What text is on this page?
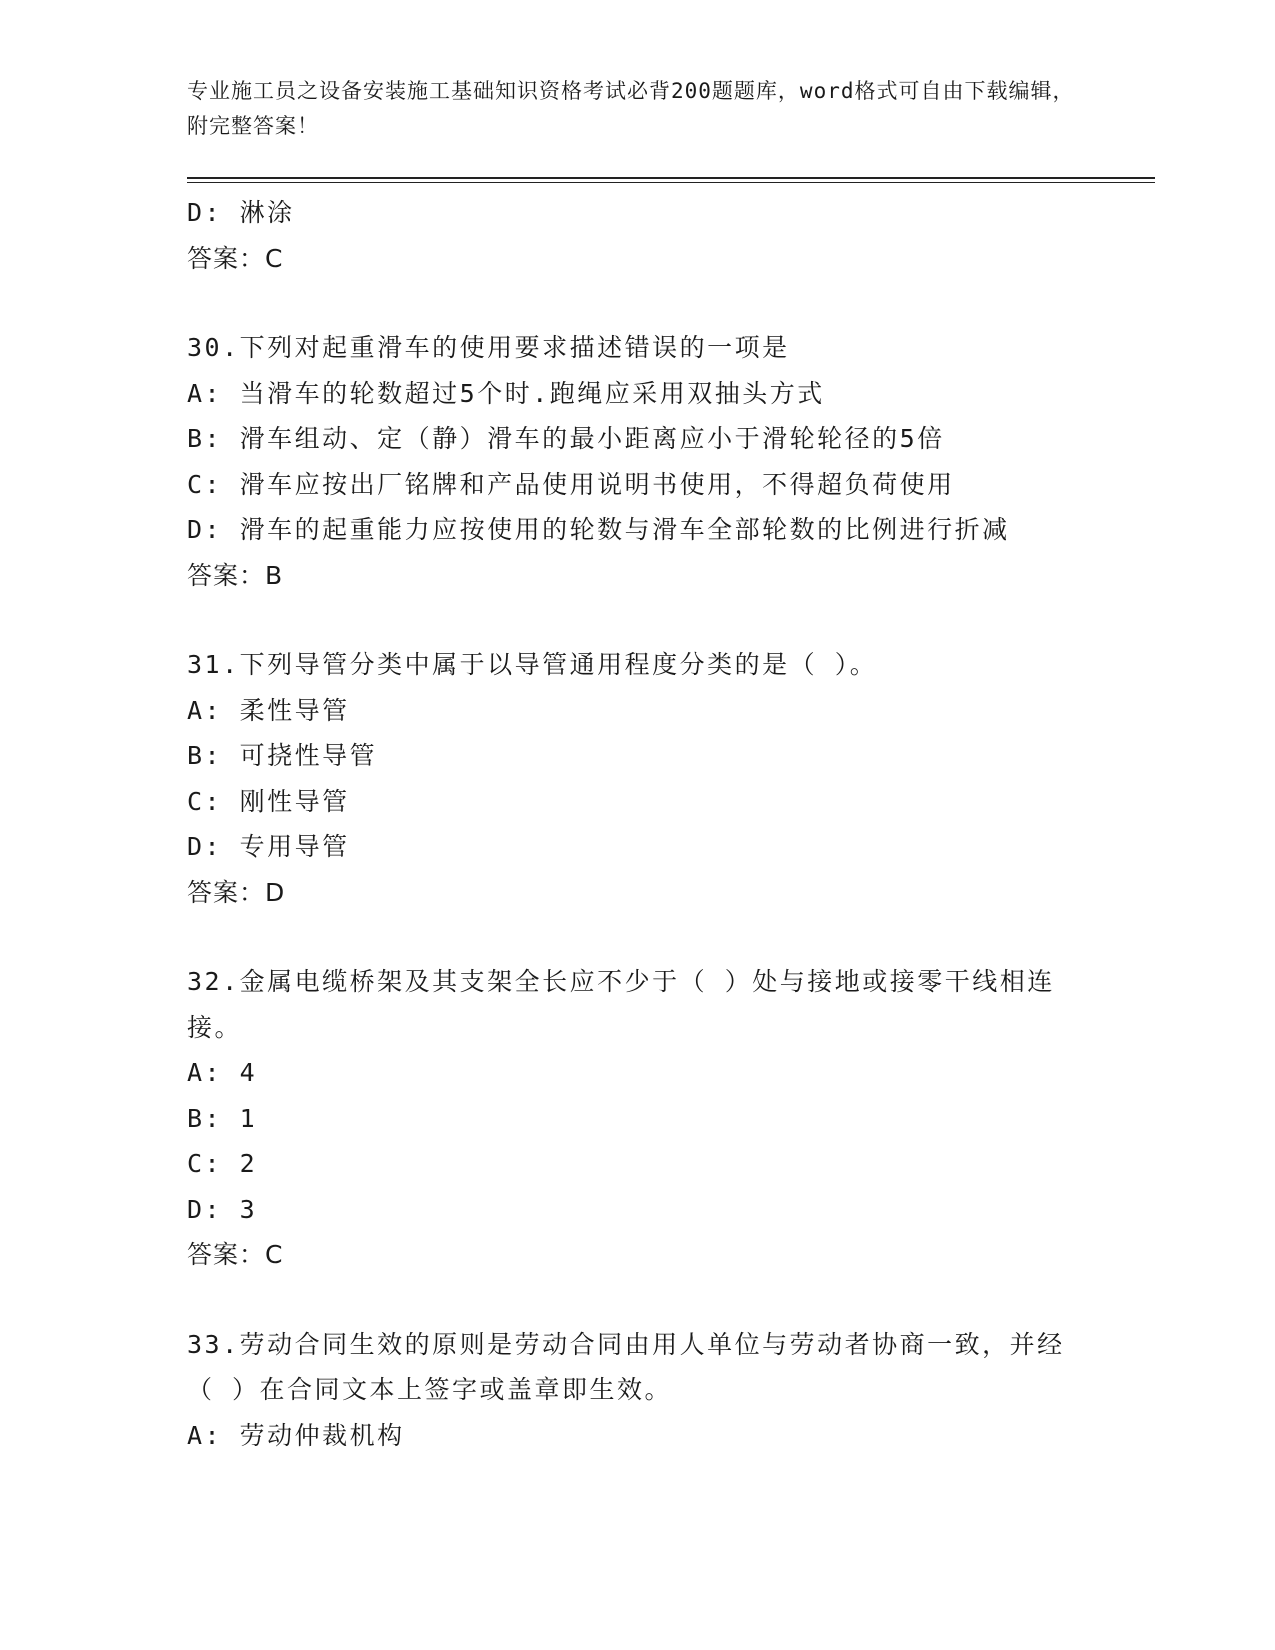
专业施工员之设备安装施工基础知识资格考试必背200题题库，word格式可自由下载编辑，附完整答案！
D: 淋涂
答案：C
30.下列对起重滑车的使用要求描述错误的一项是
A: 当滑车的轮数超过5个时.跑绳应采用双抽头方式
B: 滑车组动、定（静）滑车的最小距离应小于滑轮轮径的5倍
C: 滑车应按出厂铭牌和产品使用说明书使用，不得超负荷使用
D: 滑车的起重能力应按使用的轮数与滑车全部轮数的比例进行折减
答案：B
31.下列导管分类中属于以导管通用程度分类的是（ ）。
A: 柔性导管
B: 可挠性导管
C: 刚性导管
D: 专用导管
答案：D
32.金属电缆桥架及其支架全长应不少于（ ）处与接地或接零干线相连接。
A: 4
B: 1
C: 2
D: 3
答案：C
33.劳动合同生效的原则是劳动合同由用人单位与劳动者协商一致，并经（ ）在合同文本上签字或盖章即生效。
A: 劳动仲裁机构
